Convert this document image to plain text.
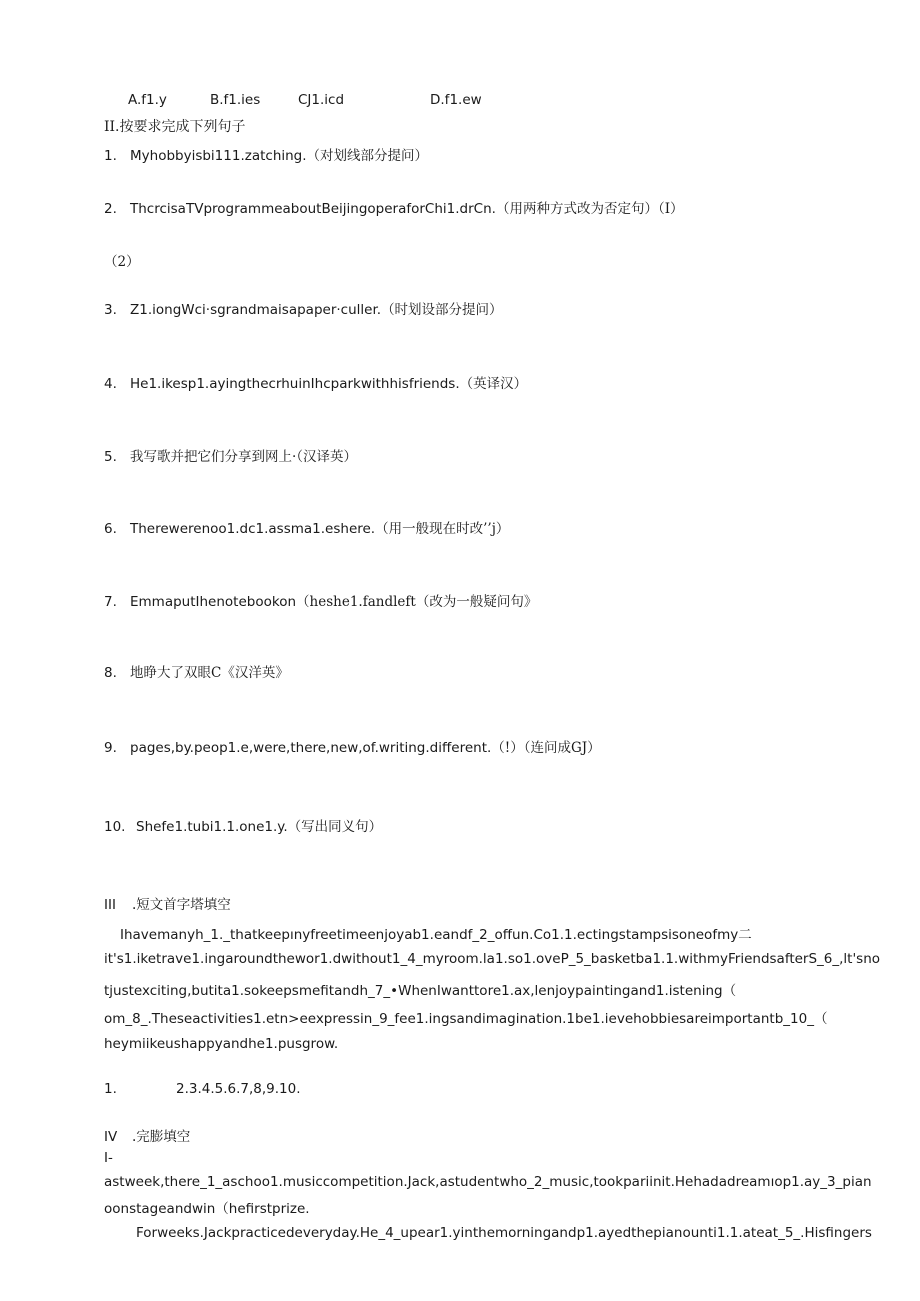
A.f1.y	B.f1.ies	CJ1.icd	D.f1.ew
II.按要求完成下列句子
1. Myhobbyisbi111.zatching.（对划线部分提问）
2. ThcrcisaTVprogrammeaboutBeijingoperaforChi1.drCn.（用两种方式改为否定句）（I）
（2）
3. Z1.iongWci·sgrandmaisapaper·culler.（时划设部分提问）
4. He1.ikesp1.ayingthecrhuinIhcparkwithhisfriends.（英译汉）
5. 我写歌并把它们分享到网上·（汉译英）
6. Therewerenoo1.dc1.assma1.eshere.（用一般现在时改’’j）
7. EmmaputIhenotebookon（heshe1.fandleft（改为一般疑问句》
8. 地睁大了双眼C《汉洋英》
9. pages,by.peop1.e,were,there,new,of.writing.different.（!）（连问成GJ）
10. Shefe1.tubi1.1.one1.y.（写出同义句）
III .短文首字塔填空
Ihavemanyh_1._thatkeepınyfreetimeenjoyab1.eandf_2_offun.Co1.1.ectingstampsisoneofmy二
it's1.iketrave1.ingaroundthewor1.dwithout1_4_myroom.la1.so1.oveP_5_basketba1.1.withmyFriendsafterS_6_,lt'sno
tjustexciting,butita1.sokeepsmefitandh_7_•WhenIwanttore1.ax,lenjoypaintingand1.istening（
om_8_.Theseactivities1.etn>eexpressin_9_fee1.ingsandimagination.1be1.ievehobbiesareimportantb_10_（
heymiikeushappyandhe1.pusgrow.
1.	2.3.4.5.6.7,8,9.10.
IV .完膨填空
I-
astweek,there_1_aschoo1.musiccompetition.Jack,astudentwho_2_music,tookpariinit.Hehadadreamıop1.ay_3_pian
oonstageandwin（hefirstprize.
Forweeks.Jackpracticedeveryday.He_4_upear1.yinthemorningandp1.ayedthepianounti1.1.ateat_5_.Hisfingers
